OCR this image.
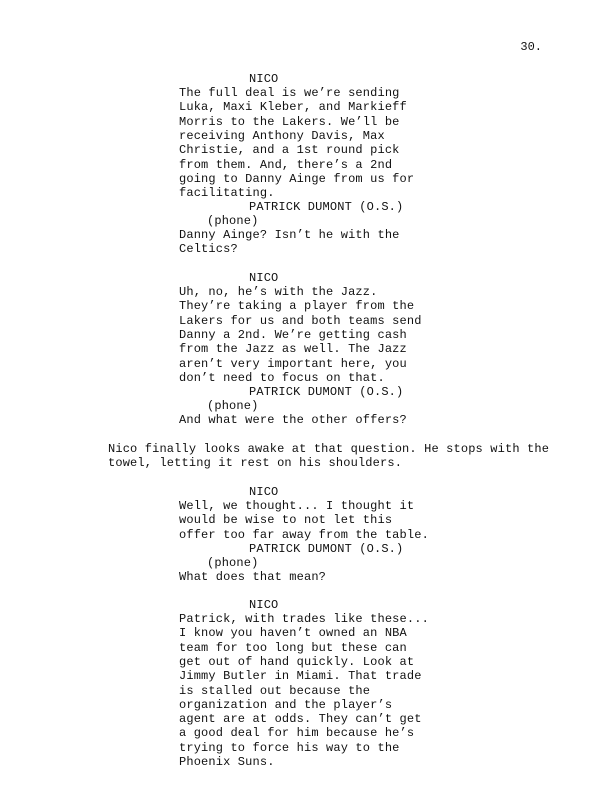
30.
NICO
The full deal is we’re sending
Luka, Maxi Kleber, and Markieff
Morris to the Lakers. We’ll be
receiving Anthony Davis, Max
Christie, and a 1st round pick
from them. And, there’s a 2nd
going to Danny Ainge from us for
facilitating.
PATRICK DUMONT (O.S.)
(phone)
Danny Ainge? Isn’t he with the
Celtics?
NICO
Uh, no, he’s with the Jazz.
They’re taking a player from the
Lakers for us and both teams send
Danny a 2nd. We’re getting cash
from the Jazz as well. The Jazz
aren’t very important here, you
don’t need to focus on that.
PATRICK DUMONT (O.S.)
(phone)
And what were the other offers?
Nico finally looks awake at that question. He stops with the
towel, letting it rest on his shoulders.
NICO
Well, we thought... I thought it
would be wise to not let this
offer too far away from the table.
PATRICK DUMONT (O.S.)
(phone)
What does that mean?
NICO
Patrick, with trades like these...
I know you haven’t owned an NBA
team for too long but these can
get out of hand quickly. Look at
Jimmy Butler in Miami. That trade
is stalled out because the
organization and the player’s
agent are at odds. They can’t get
a good deal for him because he’s
trying to force his way to the
Phoenix Suns.
